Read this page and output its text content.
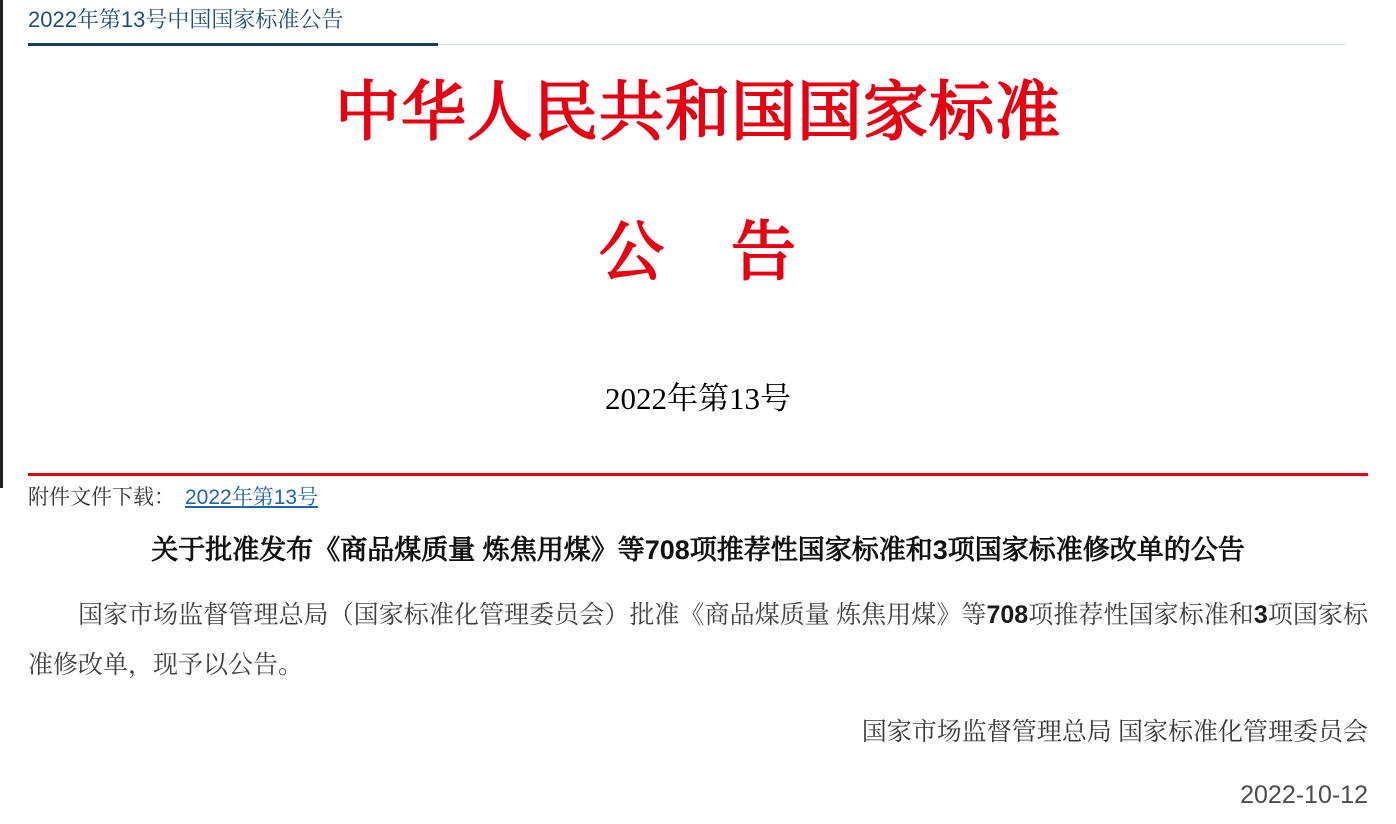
2022年第13号中国国家标准公告
中华人民共和国国家标准
公　告
2022年第13号
附件文件下载： 2022年第13号
关于批准发布《商品煤质量 炼焦用煤》等708项推荐性国家标准和3项国家标准修改单的公告

国家市场监督管理总局（国家标准化管理委员会）批准《商品煤质量 炼焦用煤》等708项推荐性国家标准和3项国家标准修改单，现予以公告。

国家市场监督管理总局 国家标准化管理委员会
2022-10-12
